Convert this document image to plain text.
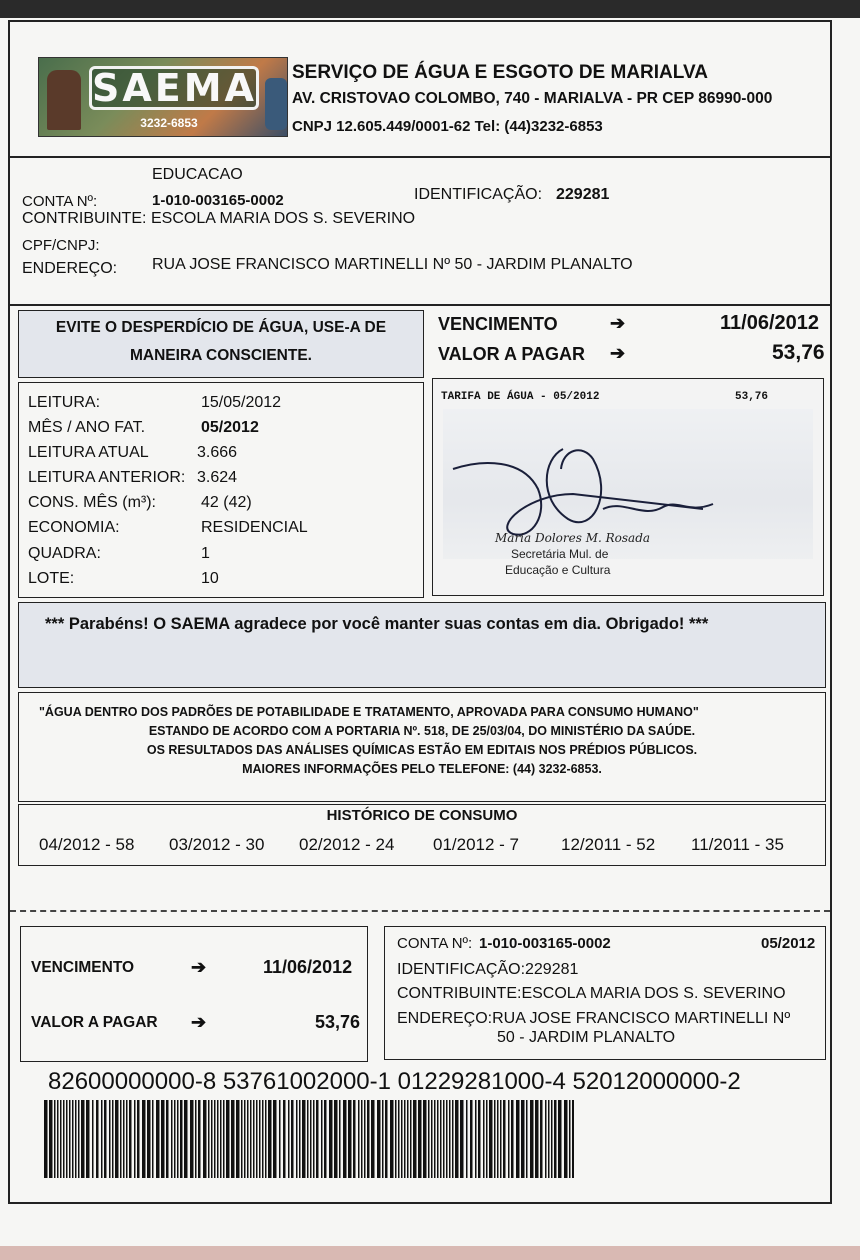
SAEMA
3232-6853
SERVIÇO DE ÁGUA E ESGOTO DE MARIALVA
AV. CRISTOVAO COLOMBO, 740 - MARIALVA - PR CEP 86990-000
CNPJ 12.605.449/0001-62 Tel: (44)3232-6853
EDUCACAO
CONTA Nº:	1-010-003165-0002	IDENTIFICAÇÃO: 229281
CONTRIBUINTE: ESCOLA MARIA DOS S. SEVERINO
CPF/CNPJ:
ENDEREÇO: RUA JOSE FRANCISCO MARTINELLI Nº 50 - JARDIM PLANALTO
EVITE O DESPERDÍCIO DE ÁGUA, USE-A DE
MANEIRA CONSCIENTE.
VENCIMENTO	➔	11/06/2012
VALOR A PAGAR ➔	53,76
LEITURA:	15/05/2012
MÊS / ANO FAT.	05/2012
LEITURA ATUAL	3.666
LEITURA ANTERIOR: 3.624
CONS. MÊS (m³):	42 (42)
ECONOMIA:	RESIDENCIAL
QUADRA:	1
LOTE:	10
TARIFA DE ÁGUA - 05/2012	53,76
Maria Dolores M. Rosada
Secretária Mul. de
Educação e Cultura
*** Parabéns! O SAEMA agradece por você manter suas contas em dia. Obrigado! ***
"ÁGUA DENTRO DOS PADRÕES DE POTABILIDADE E TRATAMENTO, APROVADA PARA CONSUMO HUMANO"
ESTANDO DE ACORDO COM A PORTARIA Nº. 518, DE 25/03/04, DO MINISTÉRIO DA SAÚDE.
OS RESULTADOS DAS ANÁLISES QUÍMICAS ESTÃO EM EDITAIS NOS PRÉDIOS PÚBLICOS.
MAIORES INFORMAÇÕES PELO TELEFONE: (44) 3232-6853.
HISTÓRICO DE CONSUMO
04/2012 - 58 03/2012 - 30 02/2012 - 24 01/2012 - 7 12/2011 - 52 11/2011 - 35
VENCIMENTO	➔	11/06/2012
VALOR A PAGAR ➔	53,76
CONTA Nº: 1-010-003165-0002	05/2012
IDENTIFICAÇÃO:229281
CONTRIBUINTE:ESCOLA MARIA DOS S. SEVERINO
ENDEREÇO:RUA JOSE FRANCISCO MARTINELLI Nº
50 - JARDIM PLANALTO
82600000000-8 53761002000-1 01229281000-4 52012000000-2
